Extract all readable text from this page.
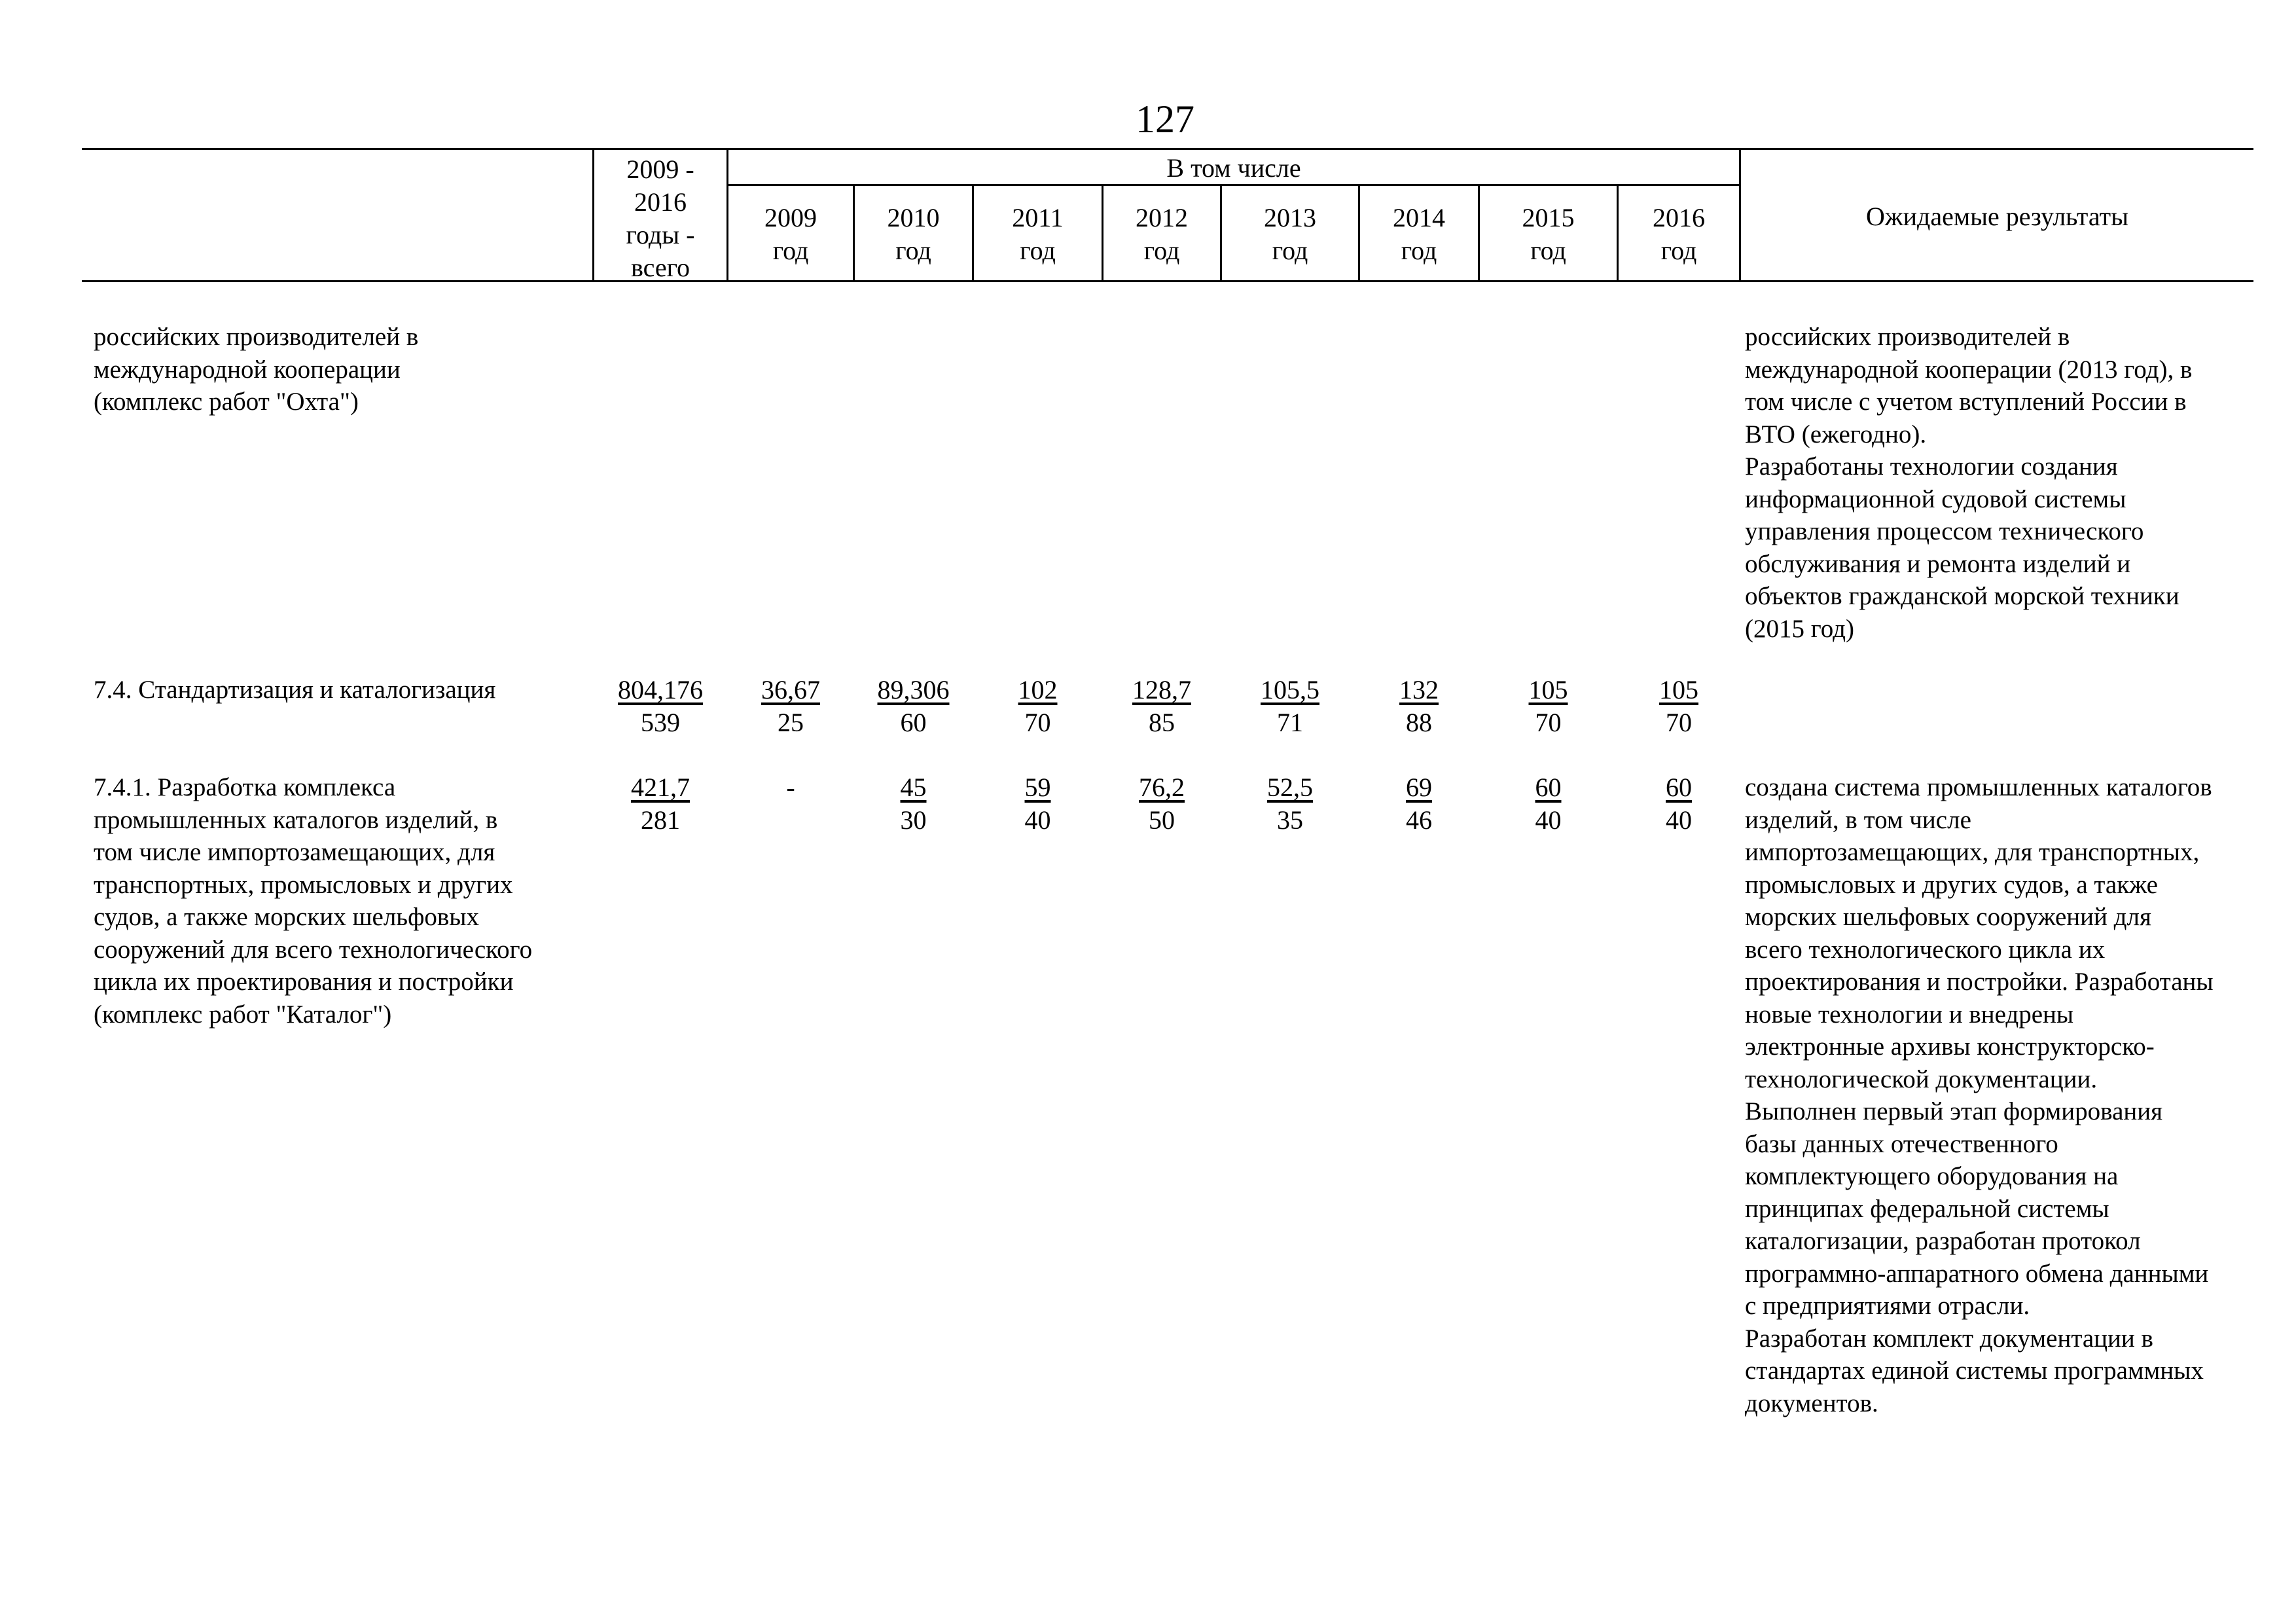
127
2009 -
2016
годы -
всего
В том числе
2009
год
2010
год
2011
год
2012
год
2013
год
2014
год
2015
год
2016
год
Ожидаемые результаты
российских производителей в
международной кооперации
(комплекс работ "Охта")
российских производителей в
международной кооперации (2013 год), в
том числе с учетом вступлений России в
ВТО (ежегодно).
Разработаны технологии создания
информационной судовой системы
управления процессом технического
обслуживания и ремонта изделий и
объектов гражданской морской техники
(2015 год)
7.4. Стандартизация и каталогизация	804,176
539
36,67
25
89,306
60
102
70
128,7
85
105,5
71
132
88
105
70
105
70
7.4.1. Разработка комплекса
промышленных каталогов изделий, в
том числе импортозамещающих, для
транспортных, промысловых и других
судов, а также морских шельфовых
сооружений для всего технологического
цикла их проектирования и постройки
(комплекс работ "Каталог")
421,7
281
-	45
30
59
40
76,2
50
52,5
35
69
46
60
40
60
40
создана система промышленных каталогов
изделий, в том числе
импортозамещающих, для транспортных,
промысловых и других судов, а также
морских шельфовых сооружений для
всего технологического цикла их
проектирования и постройки. Разработаны
новые технологии и внедрены
электронные архивы конструкторско-
технологической документации.
Выполнен первый этап формирования
базы данных отечественного
комплектующего оборудования на
принципах федеральной системы
каталогизации, разработан протокол
программно-аппаратного обмена данными
с предприятиями отрасли.
Разработан комплект документации в
стандартах единой системы программных
документов.
